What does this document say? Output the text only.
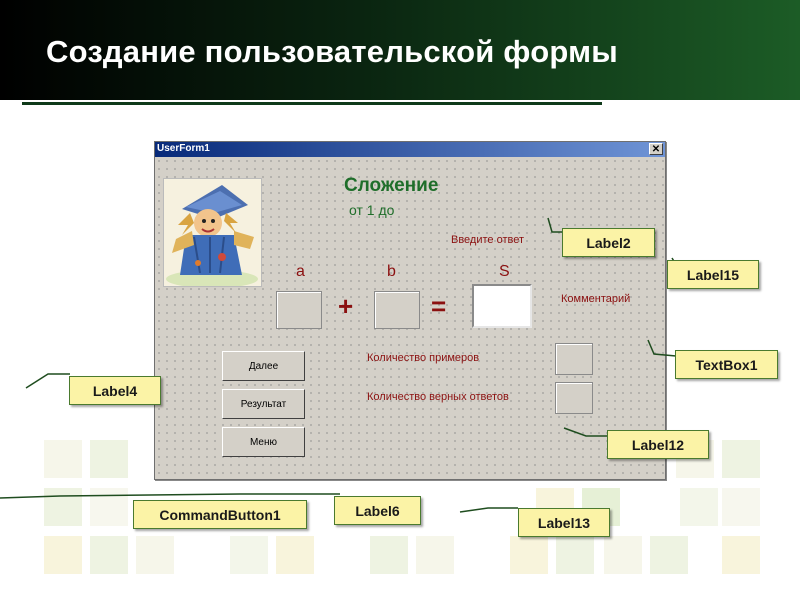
Создание пользовательской формы
UserForm1	✕
Сложение
от 1 до
Введите ответ
a	b	S
+	=	Комментарий
Количество примеров
Количество верных ответов
Далее
Результат
Меню
Label2
Label15
TextBox1
Label4
Label12
CommandButton1	Label6
Label13
